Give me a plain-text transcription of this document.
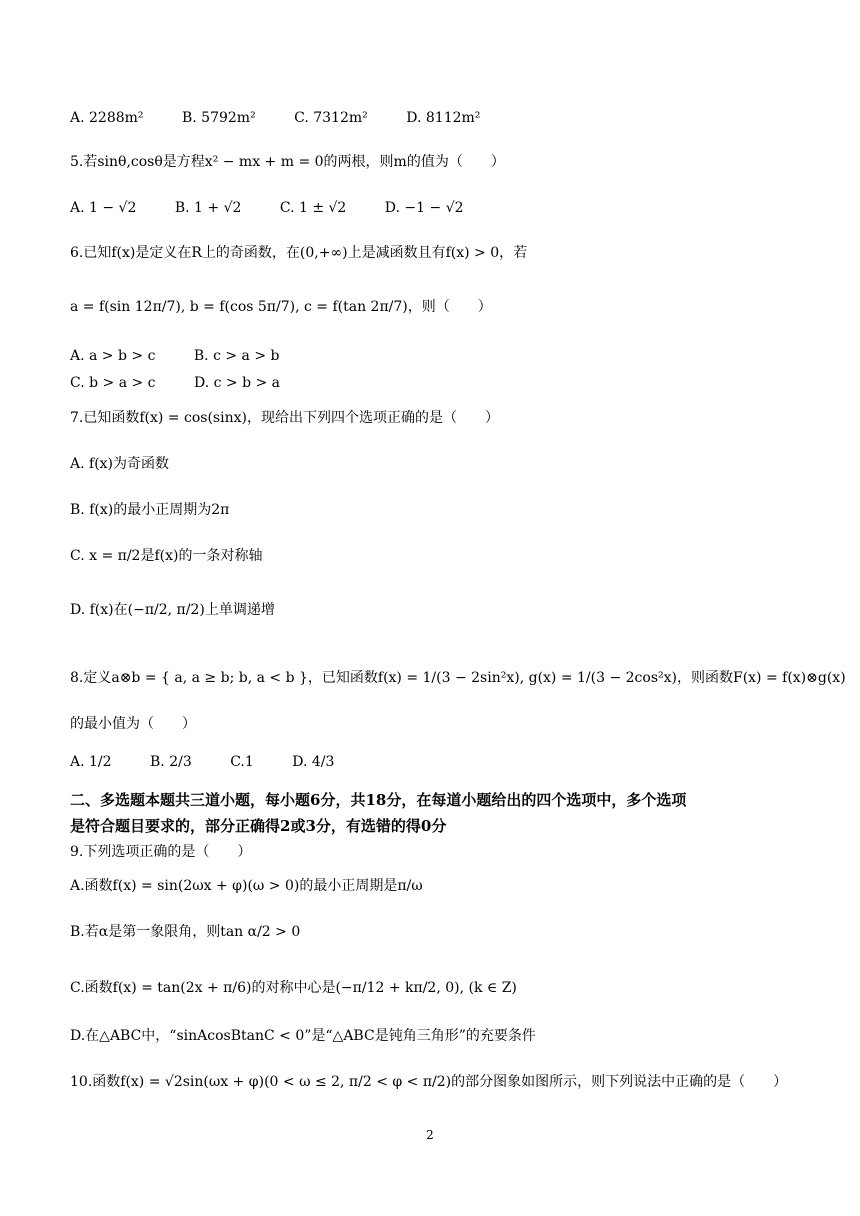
A. 2288m²	B. 5792m²	C. 7312m²	D. 8112m²
5.若sinθ,cosθ是方程x² − mx + m = 0的两根，则m的值为（　　）
A. 1 − √2	B. 1 + √2	C. 1 ± √2	D. −1 − √2
6.已知f(x)是定义在R上的奇函数，在(0,+∞)上是减函数且有f(x) > 0，若
a = f(sin 12π/7), b = f(cos 5π/7), c = f(tan 2π/7)，则（　　）
A. a > b > c	B. c > a > b
C. b > a > c	D. c > b > a
7.已知函数f(x) = cos(sinx)，现给出下列四个选项正确的是（　　）
A. f(x)为奇函数
B. f(x)的最小正周期为2π
C. x = π/2是f(x)的一条对称轴
D. f(x)在(−π/2, π/2)上单调递增
8.定义a⊗b = { a, a ≥ b; b, a < b }，已知函数f(x) = 1/(3 − 2sin²x), g(x) = 1/(3 − 2cos²x)，则函数F(x) = f(x)⊗g(x)
的最小值为（　　）
A. 1/2	B. 2/3	C.1	D. 4/3
二、多选题本题共三道小题，每小题6分，共18分，在每道小题给出的四个选项中，多个选项
是符合题目要求的，部分正确得2或3分，有选错的得0分
9.下列选项正确的是（　　）
A.函数f(x) = sin(2ωx + φ)(ω > 0)的最小正周期是π/ω
B.若α是第一象限角，则tan α/2 > 0
C.函数f(x) = tan(2x + π/6)的对称中心是(−π/12 + kπ/2, 0), (k ∈ Z)
D.在△ABC中，“sinAcosBtanC < 0”是“△ABC是钝角三角形”的充要条件
10.函数f(x) = √2sin(ωx + φ)(0 < ω ≤ 2, π/2 < φ < π/2)的部分图象如图所示，则下列说法中正确的是（　　）
2
